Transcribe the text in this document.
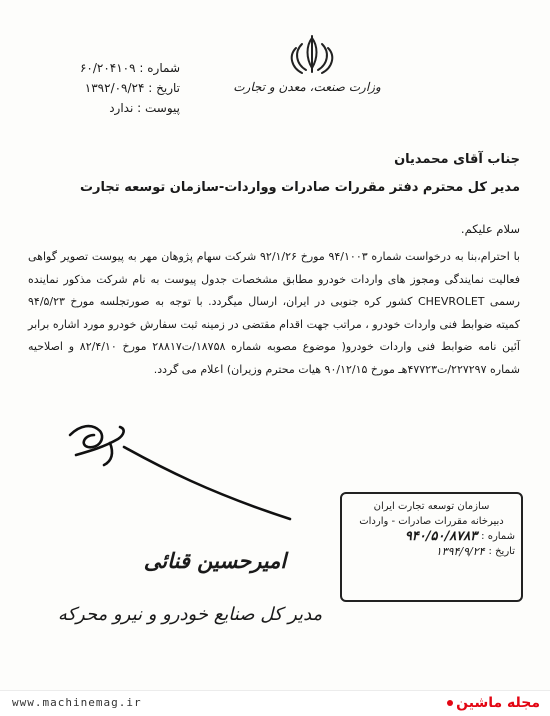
شماره : ۶۰/۲۰۴۱۰۹
تاریخ : ۱۳۹۲/۰۹/۲۴
پیوست : ندارد
وزارت صنعت، معدن و تجارت
جناب آقای محمدیان
مدیر کل محترم دفتر مقررات صادرات وواردات-سازمان توسعه تجارت
سلام علیکم.
با احترام،بنا به درخواست شماره ۹۴/۱۰۰۳ مورخ ۹۲/۱/۲۶ شرکت سهام پژوهان مهر به پیوست تصویر گواهی فعالیت نمایندگی ومجوز های واردات خودرو مطابق مشخصات جدول پیوست به نام شرکت مذکور نماینده رسمی CHEVROLET کشور کره جنوبی در ایران، ارسال میگردد. با توجه به صورتجلسه مورخ ۹۴/۵/۲۳ کمیته ضوابط فنی واردات خودرو ، مراتب جهت اقدام مقتضی در زمینه ثبت سفارش خودرو مورد اشاره برابر آئین نامه ضوابط فنی واردات خودرو( موضوع مصوبه شماره ۱۸۷۵۸/ت۲۸۸۱۷ مورخ ۸۲/۴/۱۰ و اصلاحیه شماره ۲۲۷۲۹۷/ت۴۷۷۲۳هـ مورخ ۹۰/۱۲/۱۵ هیات محترم وزیران) اعلام می گردد.
سازمان توسعه تجارت ایران
دبیرخانه مقررات صادرات - واردات
شماره :
۹۴۰/۵۰/۸۷۸۳
تاریخ :
۱۳۹۴/۹/۲۴
امیرحسین قنائی
مدیر کل صنایع خودرو و نیرو محرکه
www.machinemag.ir	مجله ماشین
